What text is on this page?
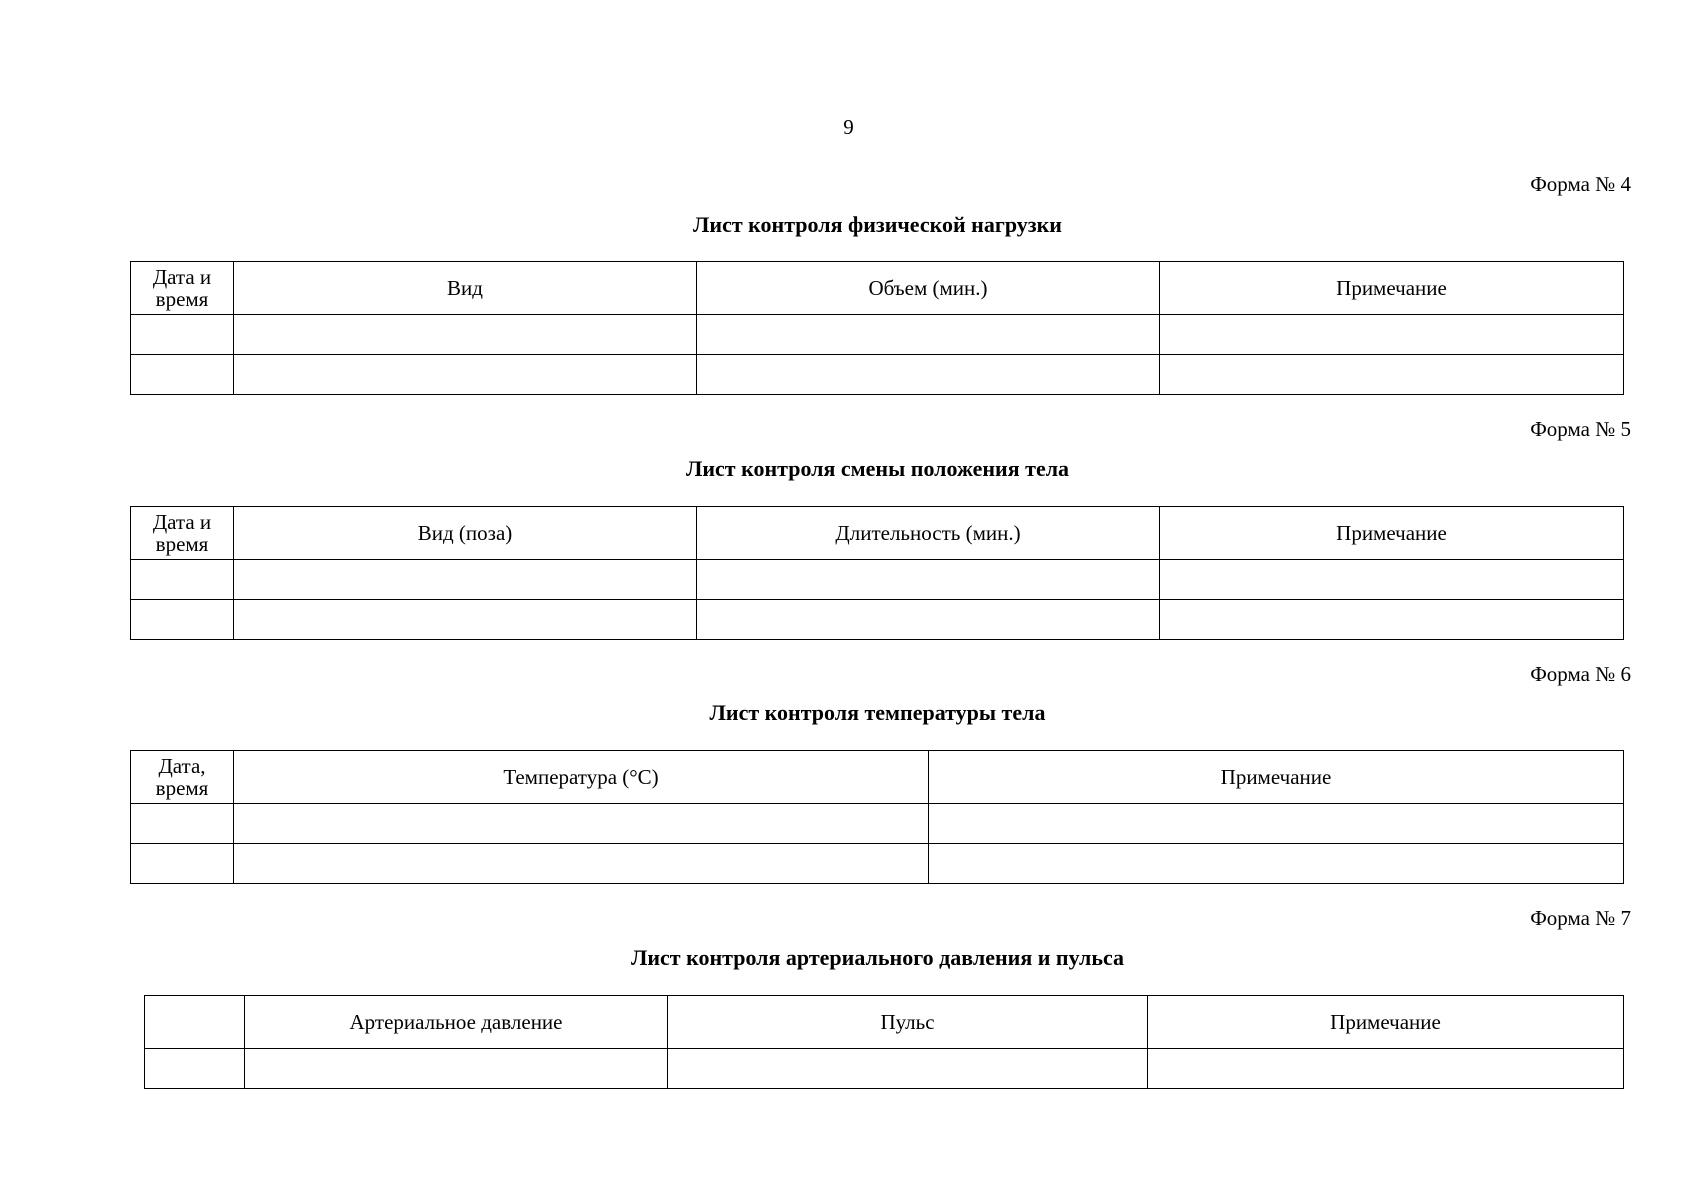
9
Форма № 4
Лист контроля физической нагрузки
Дата и время	Вид	Объем (мин.)	Примечание

Форма № 5
Лист контроля смены положения тела
Дата и время	Вид (поза)	Длительность (мин.)	Примечание

Форма № 6
Лист контроля температуры тела
Дата, время	Температура (°C)	Примечание

Форма № 7
Лист контроля артериального давления и пульса
	Артериальное давление	Пульс	Примечание
